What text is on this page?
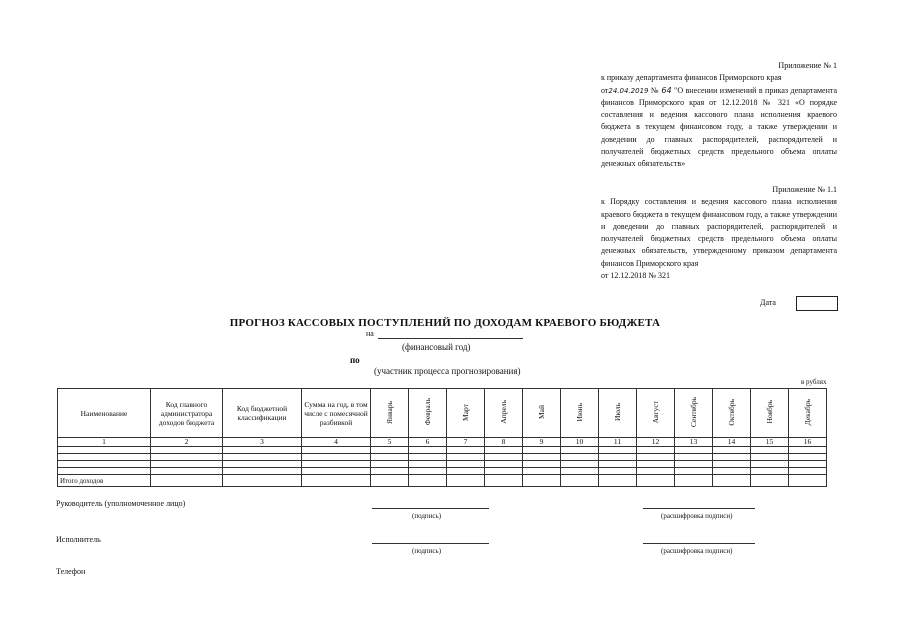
Приложение № 1
к приказу департамента финансов Приморского края
от24.04.2019 № 64 "О внесении изменений в приказ департамента финансов Приморского края от 12.12.2018 № 321 «О порядке составления и ведения кассового плана исполнения краевого бюджета в текущем финансовом году, а также утверждении и доведении до главных распорядителей, распорядителей и получателей бюджетных средств предельного объема оплаты денежных обязательств»
Приложение № 1.1
к Порядку составления и ведения кассового плана исполнения краевого бюджета в текущем финансовом году, а также утверждении и доведении до главных распорядителей, распорядителей и получателей бюджетных средств предельного объема оплаты денежных обязательств, утвержденному приказом департамента финансов Приморского края
от 12.12.2018 № 321
Дата
ПРОГНОЗ КАССОВЫХ ПОСТУПЛЕНИЙ ПО ДОХОДАМ КРАЕВОГО БЮДЖЕТА
на
(финансовый год)
по
(участник процесса прогнозирования)
в рублях
Наименование	Код главного администратора доходов бюджета	Код бюджетной классификации	Сумма на год, в том числе с помесячной разбивкой	Январь	Февраль	Март	Апрель	Май	Июнь	Июль	Август	Сентябрь	Октябрь	Ноябрь	Декабрь
1	2	3	4	5	6	7	8	9	10	11	12	13	14	15	16

Итого доходов															
Руководитель (уполномоченное лицо)
(подпись)	(расшифровка подписи)
Исполнитель
(подпись)	(расшифровка подписи)
Телефон
